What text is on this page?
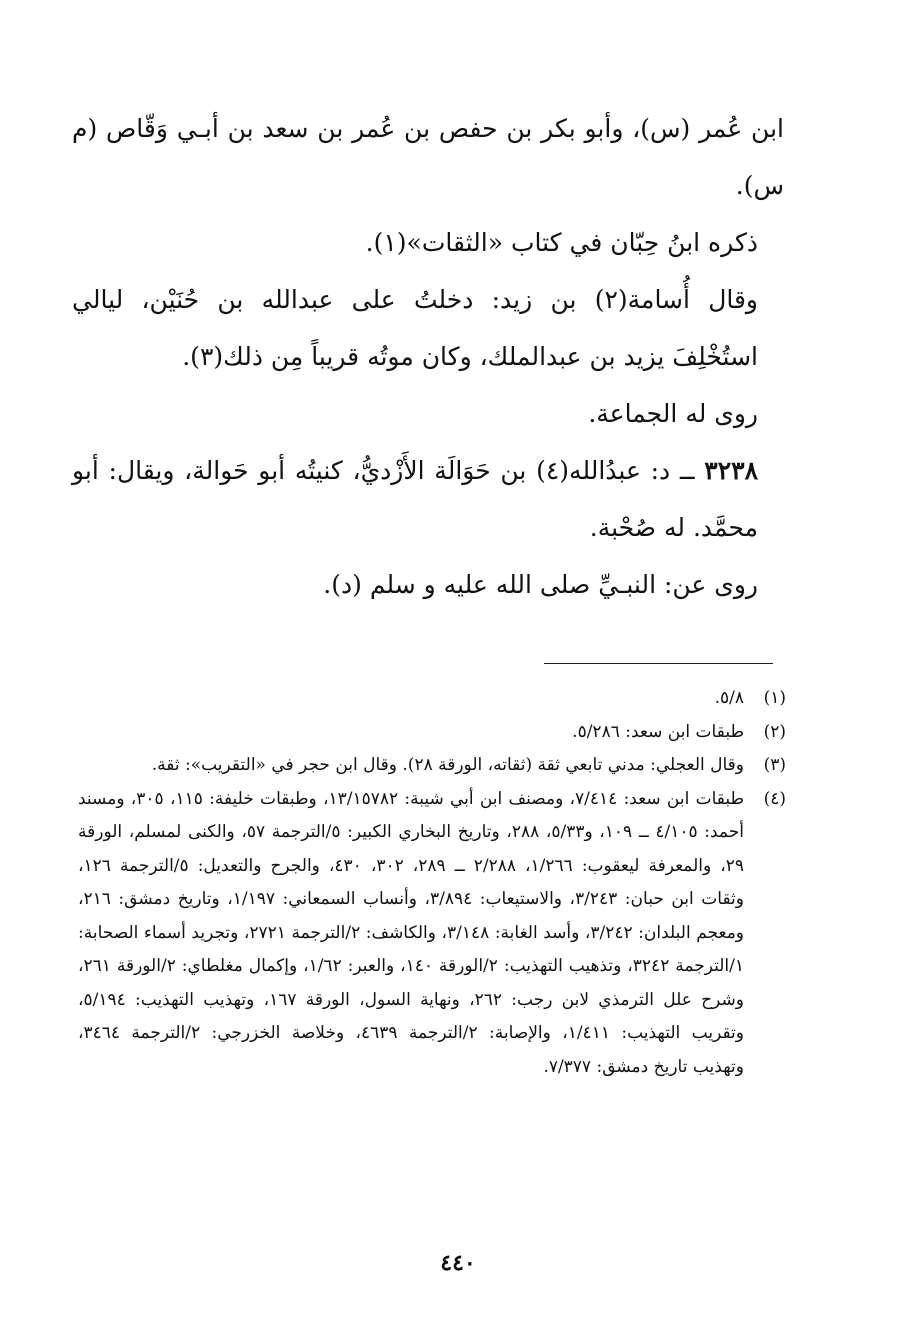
ابن عُمر (س)، وأبو بكر بن حفص بن عُمر بن سعد بن أبـي وَقّاص (م س).

ذكره ابنُ حِبّان في كتاب «الثقات»(١).

وقال أُسامة(٢) بن زيد: دخلتُ على عبدالله بن حُنَيْن، ليالي استُخْلِفَ يزيد بن عبدالملك، وكان موتُه قريباً مِن ذلك(٣).

روى له الجماعة.

٣٢٣٨ ــ د: عبدُالله(٤) بن حَوَالَة الأَزْديُّ، كنيتُه أبو حَوالة، ويقال: أبو محمَّد. له صُحْبة.

روى عن: النبـيِّ صلى الله عليه و سلم (د).

(١)
٥/٨.
(٢)
طبقات ابن سعد: ٥/٢٨٦.
(٣)
وقال العجلي: مدني تابعي ثقة (ثقاته، الورقة ٢٨). وقال ابن حجر في «التقريب»: ثقة.
(٤)
طبقات ابن سعد: ٧/٤١٤، ومصنف ابن أبي شيبة: ١٣/١٥٧٨٢، وطبقات خليفة: ١١٥، ٣٠٥، ومسند أحمد: ٤/١٠٥ ــ ١٠٩، و٥/٣٣، ٢٨٨، وتاريخ البخاري الكبير: ٥/الترجمة ٥٧، والكنى لمسلم، الورقة ٢٩، والمعرفة ليعقوب: ١/٢٦٦، ٢/٢٨٨ ــ ٢٨٩، ٣٠٢، ٤٣٠، والجرح والتعديل: ٥/الترجمة ١٢٦، وثقات ابن حبان: ٣/٢٤٣، والاستيعاب: ٣/٨٩٤، وأنساب السمعاني: ١/١٩٧، وتاريخ دمشق: ٢١٦، ومعجم البلدان: ٣/٢٤٢، وأسد الغابة: ٣/١٤٨، والكاشف: ٢/الترجمة ٢٧٢١، وتجريد أسماء الصحابة: ١/الترجمة ٣٢٤٢، وتذهيب التهذيب: ٢/الورقة ١٤٠، والعبر: ١/٦٢، وإكمال مغلطاي: ٢/الورقة ٢٦١، وشرح علل الترمذي لابن رجب: ٢٦٢، ونهاية السول، الورقة ١٦٧، وتهذيب التهذيب: ٥/١٩٤، وتقريب التهذيب: ١/٤١١، والإصابة: ٢/الترجمة ٤٦٣٩، وخلاصة الخزرجي: ٢/الترجمة ٣٤٦٤، وتهذيب تاريخ دمشق: ٧/٣٧٧.
٤٤٠
